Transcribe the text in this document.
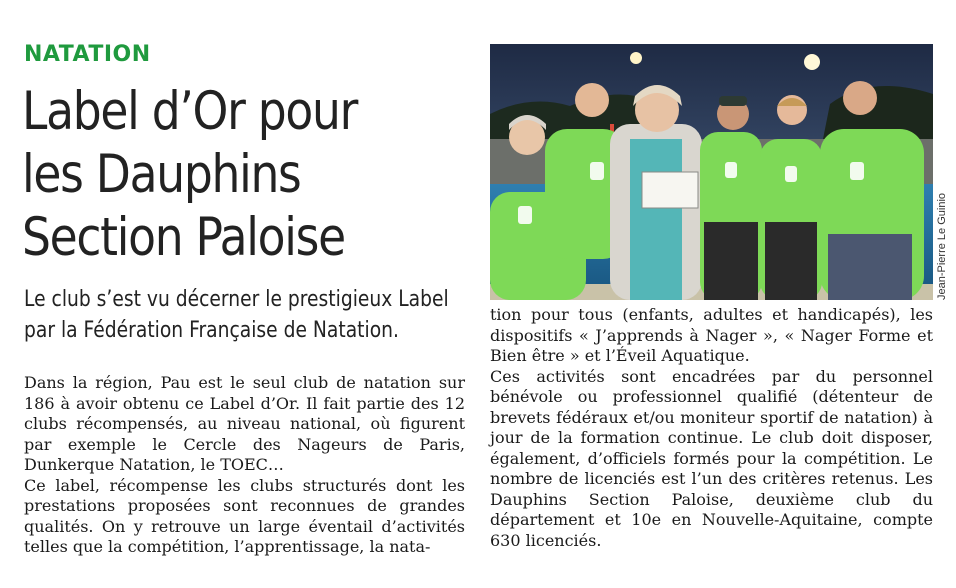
NATATION
Label d’Or pour les Dauphins Section Paloise

Le club s’est vu décerner le prestigieux Label par la Fédération Française de Natation.

Jean-Pierre Le Guinio

Dans la région, Pau est le seul club de natation sur 186 à avoir obtenu ce Label d’Or. Il fait partie des 12 clubs récompensés, au niveau national, où figurent par exemple le Cercle des Nageurs de Paris, Dunkerque Natation, le TOEC…

Ce label, récompense les clubs structurés dont les prestations proposées sont reconnues de grandes qualités. On y retrouve un large éventail d’activités telles que la compétition, l’apprentissage, la nata-

tion pour tous (enfants, adultes et handicapés), les dispositifs « J’apprends à Nager », « Nager Forme et Bien être » et l’Éveil Aquatique.

Ces activités sont encadrées par du personnel bénévole ou professionnel qualifié (détenteur de brevets fédéraux et/ou moniteur sportif de natation) à jour de la formation continue. Le club doit disposer, également, d’officiels formés pour la compétition. Le nombre de licenciés est l’un des critères retenus. Les Dauphins Section Paloise, deuxième club du département et 10e en Nouvelle-Aquitaine, compte 630 licenciés.
